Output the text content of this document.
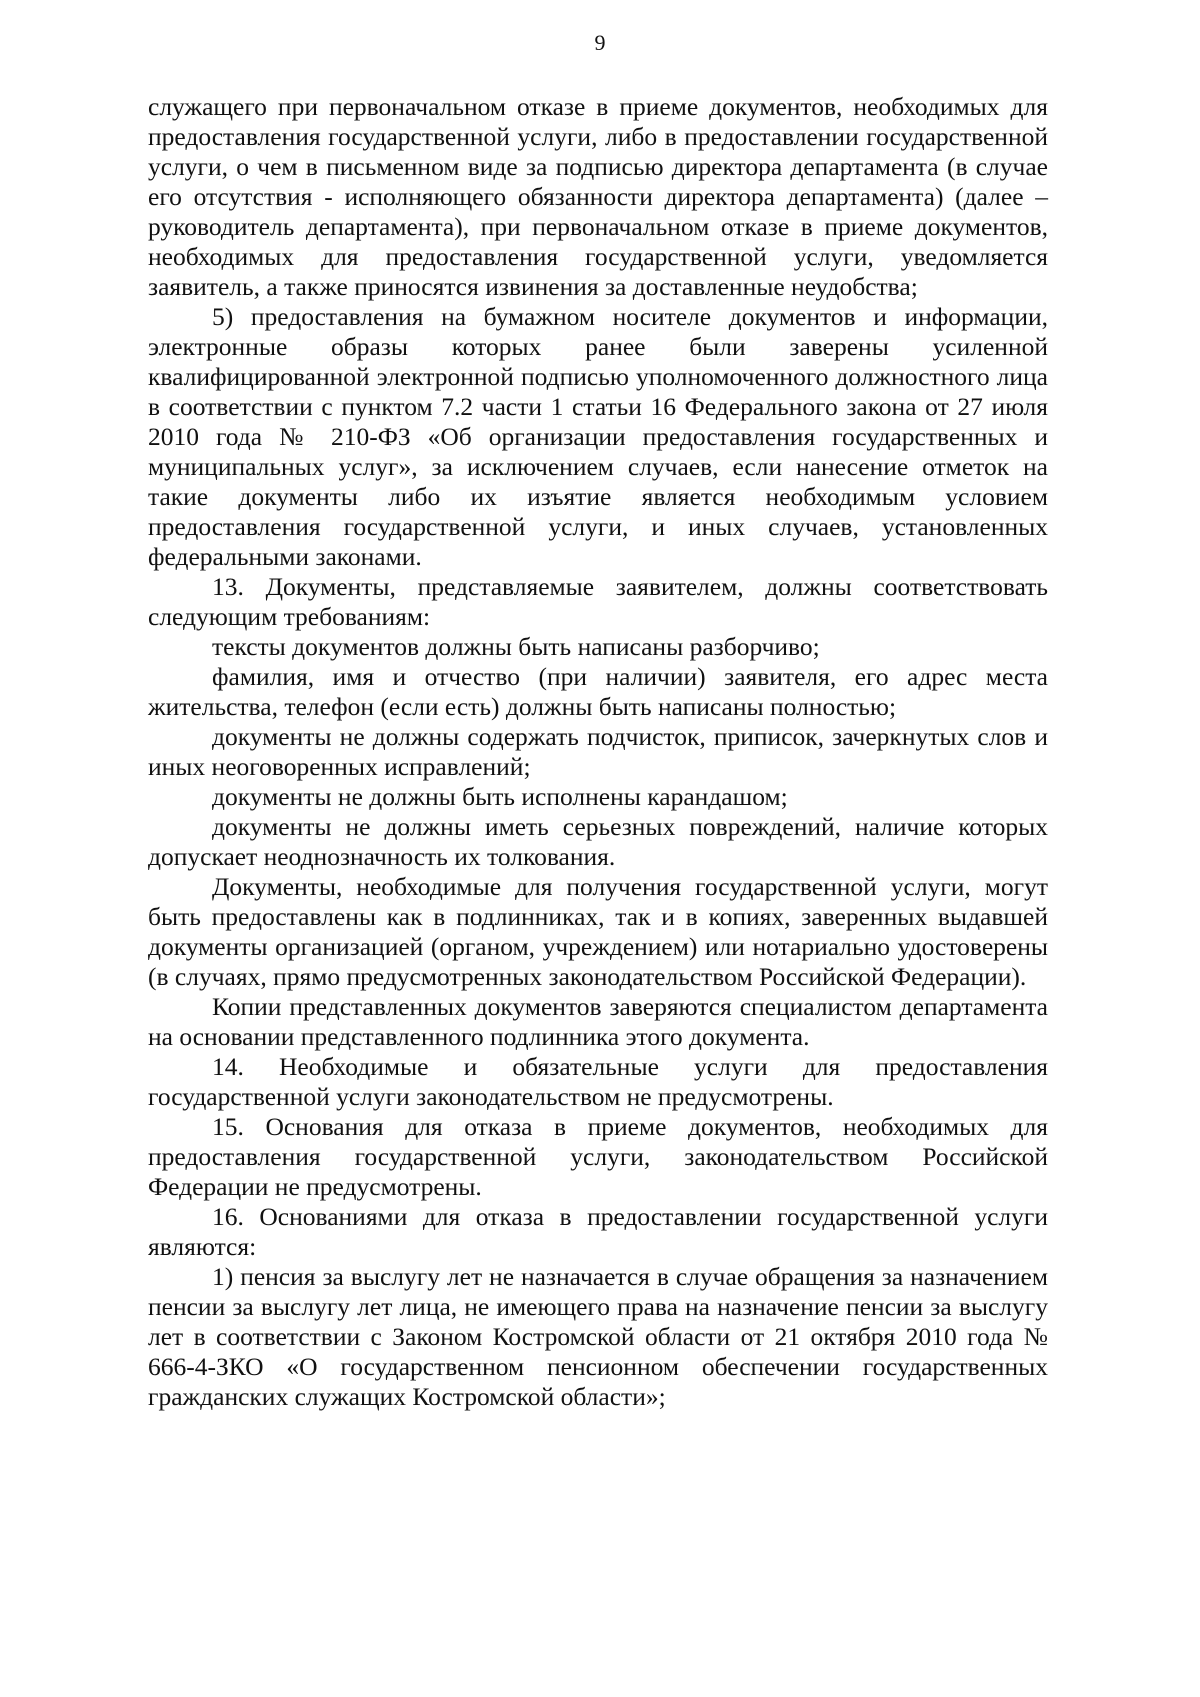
9

служащего при первоначальном отказе в приеме документов, необходимых для предоставления государственной услуги, либо в предоставлении государственной услуги, о чем в письменном виде за подписью директора департамента (в случае его отсутствия - исполняющего обязанности директора департамента) (далее – руководитель департамента), при первоначальном отказе в приеме документов, необходимых для предоставления государственной услуги, уведомляется заявитель, а также приносятся извинения за доставленные неудобства;

5) предоставления на бумажном носителе документов и информации, электронные образы которых ранее были заверены усиленной квалифицированной электронной подписью уполномоченного должностного лица в соответствии с пунктом 7.2 части 1 статьи 16 Федерального закона от 27 июля 2010 года № 210-ФЗ «Об организации предоставления государственных и муниципальных услуг», за исключением случаев, если нанесение отметок на такие документы либо их изъятие является необходимым условием предоставления государственной услуги, и иных случаев, установленных федеральными законами.

13. Документы, представляемые заявителем, должны соответствовать следующим требованиям:

тексты документов должны быть написаны разборчиво;

фамилия, имя и отчество (при наличии) заявителя, его адрес места жительства, телефон (если есть) должны быть написаны полностью;

документы не должны содержать подчисток, приписок, зачеркнутых слов и иных неоговоренных исправлений;

документы не должны быть исполнены карандашом;

документы не должны иметь серьезных повреждений, наличие которых допускает неоднозначность их толкования.

Документы, необходимые для получения государственной услуги, могут быть предоставлены как в подлинниках, так и в копиях, заверенных выдавшей документы организацией (органом, учреждением) или нотариально удостоверены (в случаях, прямо предусмотренных законодательством Российской Федерации).

Копии представленных документов заверяются специалистом департамента на основании представленного подлинника этого документа.

14. Необходимые и обязательные услуги для предоставления государственной услуги законодательством не предусмотрены.

15. Основания для отказа в приеме документов, необходимых для предоставления государственной услуги, законодательством Российской Федерации не предусмотрены.

16. Основаниями для отказа в предоставлении государственной услуги являются:

1) пенсия за выслугу лет не назначается в случае обращения за назначением пенсии за выслугу лет лица, не имеющего права на назначение пенсии за выслугу лет в соответствии с Законом Костромской области от 21 октября 2010 года № 666-4-ЗКО «О государственном пенсионном обеспечении государственных гражданских служащих Костромской области»;
